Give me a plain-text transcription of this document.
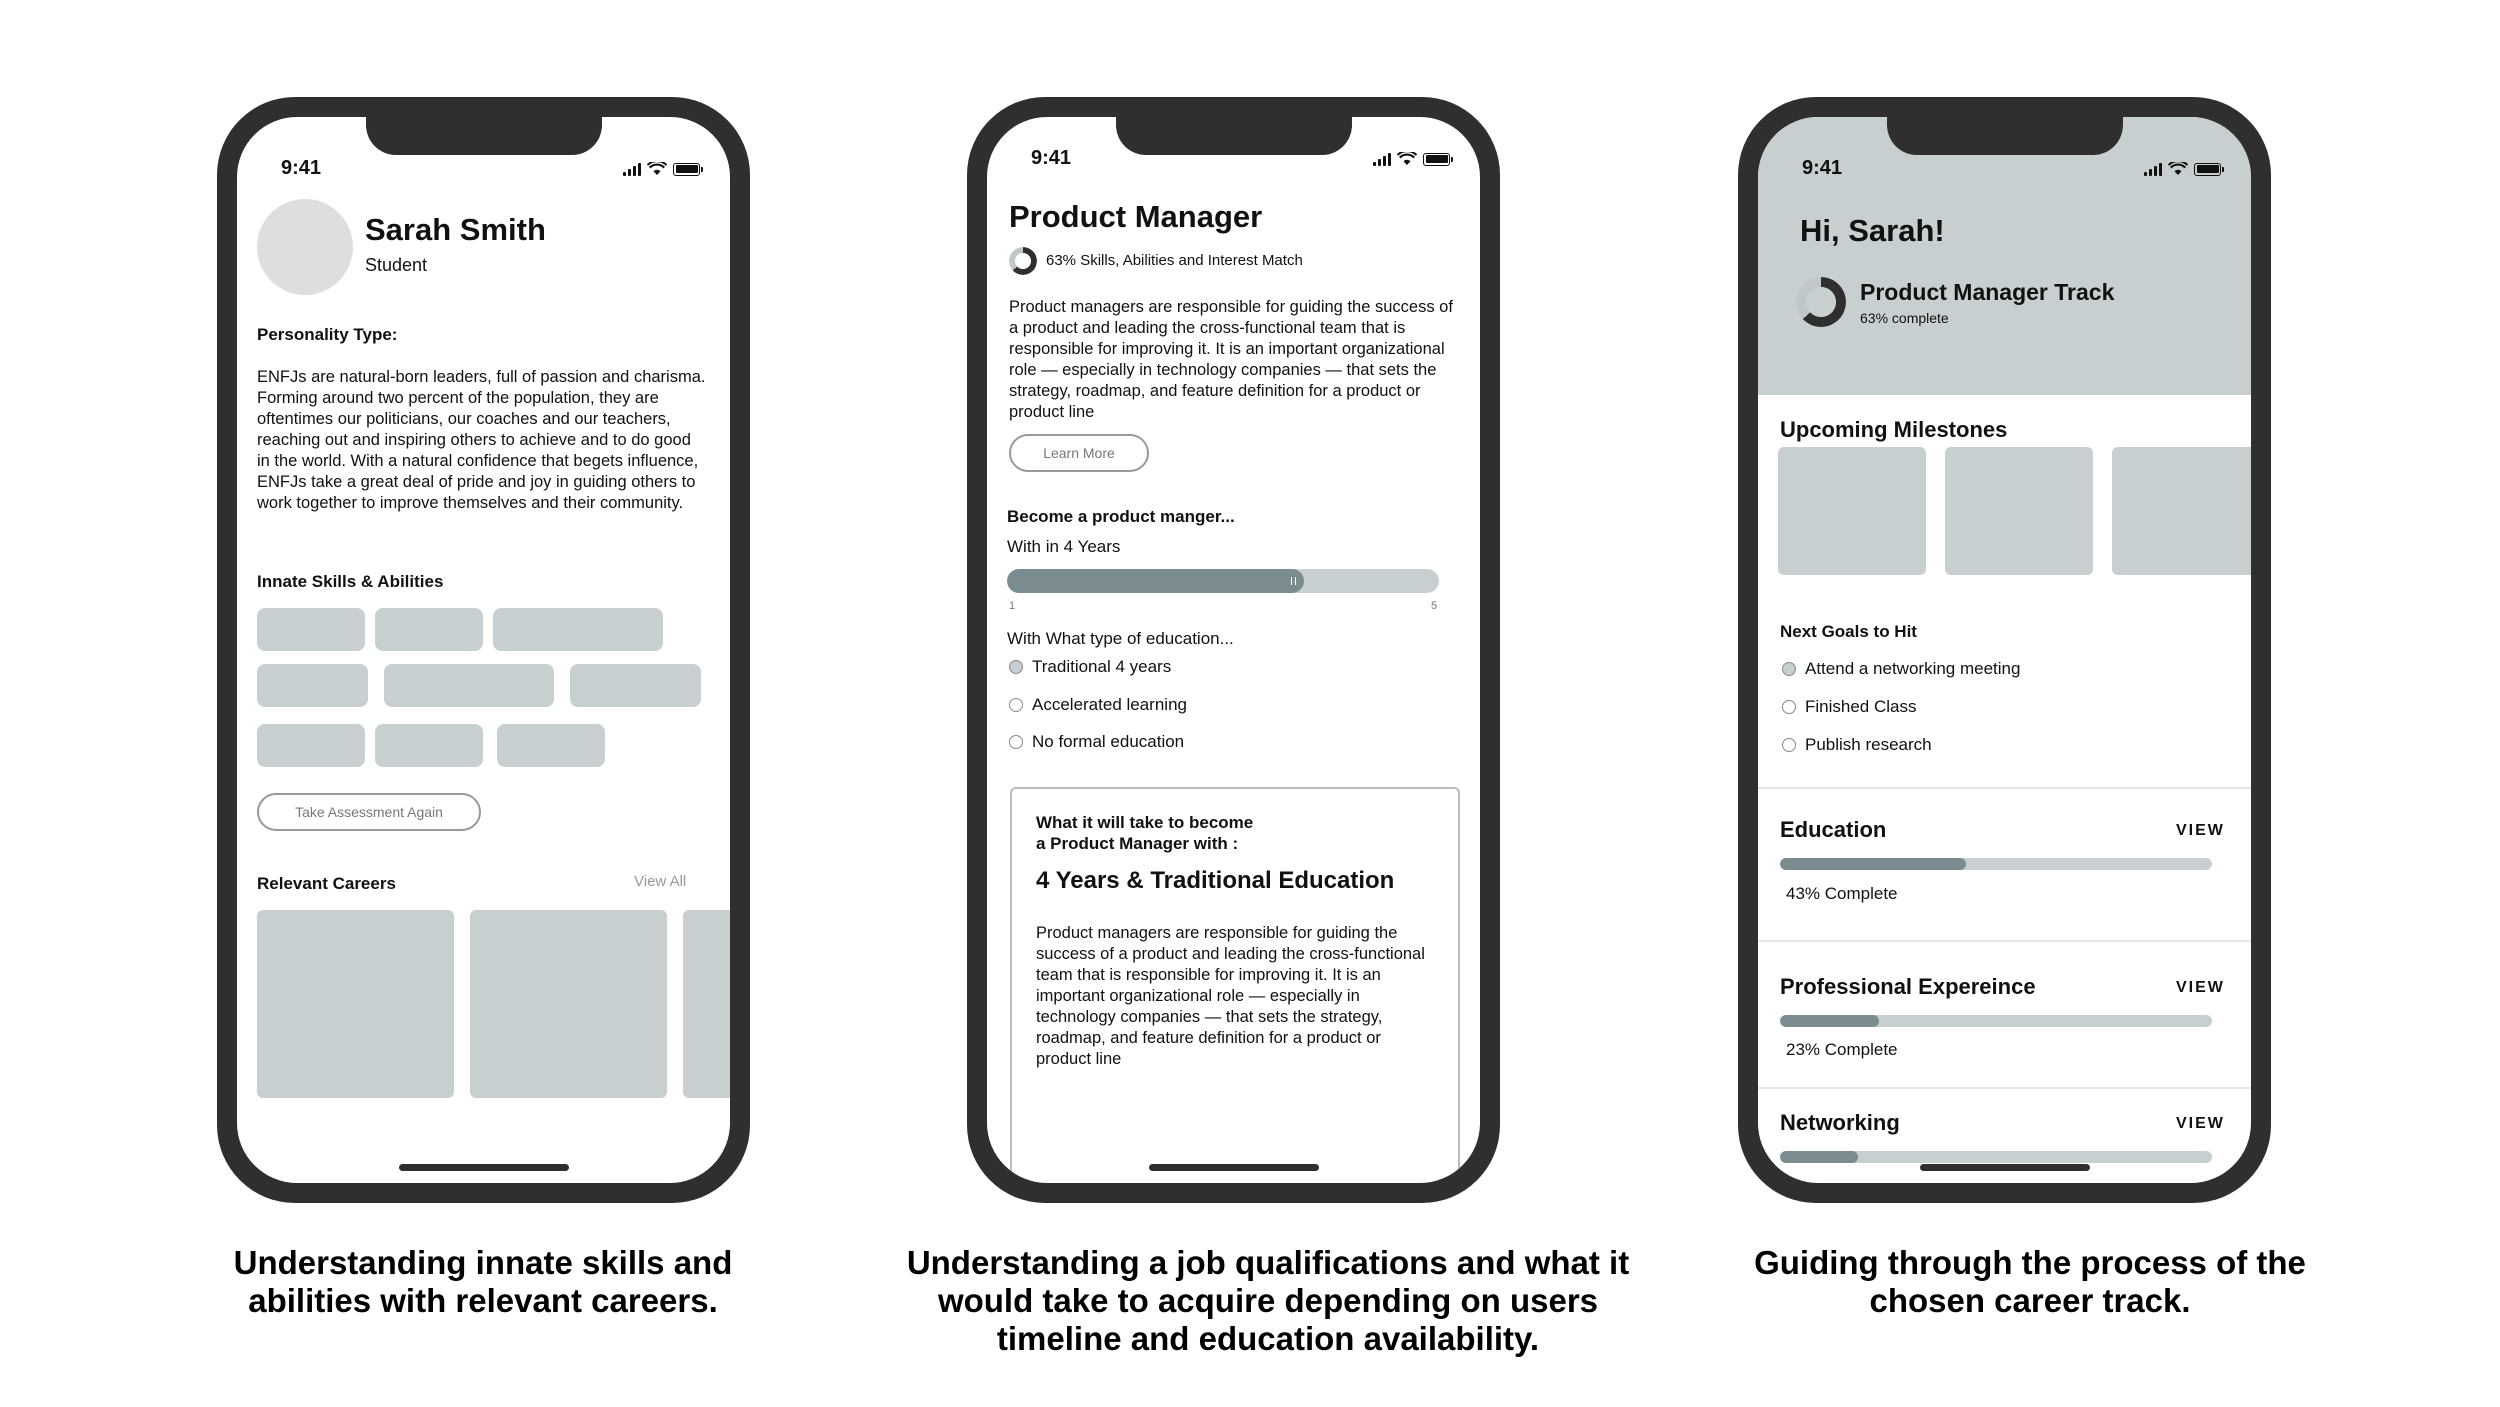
9:41
Sarah Smith
Student
Personality Type:
ENFJs are natural-born leaders, full of passion and charisma. Forming around two percent of the population, they are oftentimes our politicians, our coaches and our teachers, reaching out and inspiring others to achieve and to do good in the world. With a natural confidence that begets influence, ENFJs take a great deal of pride and joy in guiding others to work together to improve themselves and their community.
Innate Skills & Abilities
Take Assessment Again
Relevant Careers	View All
9:41
Product Manager
63% Skills, Abilities and Interest Match
Product managers are responsible for guiding the success of a product and leading the cross-functional team that is responsible for improving it. It is an important organizational role — especially in technology companies — that sets the strategy, roadmap, and feature definition for a product or product line
Learn More
Become a product manger...
With in 4 Years
1	5
With What type of education...
Traditional 4 years
Accelerated learning
No formal education
What it will take to become
a Product Manager with :
4 Years & Traditional Education
Product managers are responsible for guiding the success of a product and leading the cross-functional team that is responsible for improving it. It is an important organizational role — especially in technology companies — that sets the strategy, roadmap, and feature definition for a product or product line
9:41
Hi, Sarah!
Product Manager Track
63% complete
Upcoming Milestones
Next Goals to Hit
Attend a networking meeting
Finished Class
Publish research
Education	VIEW
43% Complete
Professional Expereince	VIEW
23% Complete
Networking	VIEW
Understanding innate skills and
abilities with relevant careers.
Understanding a job qualifications and what it
would take to acquire depending on users
timeline and education availability.
Guiding through the process of the
chosen career track.
